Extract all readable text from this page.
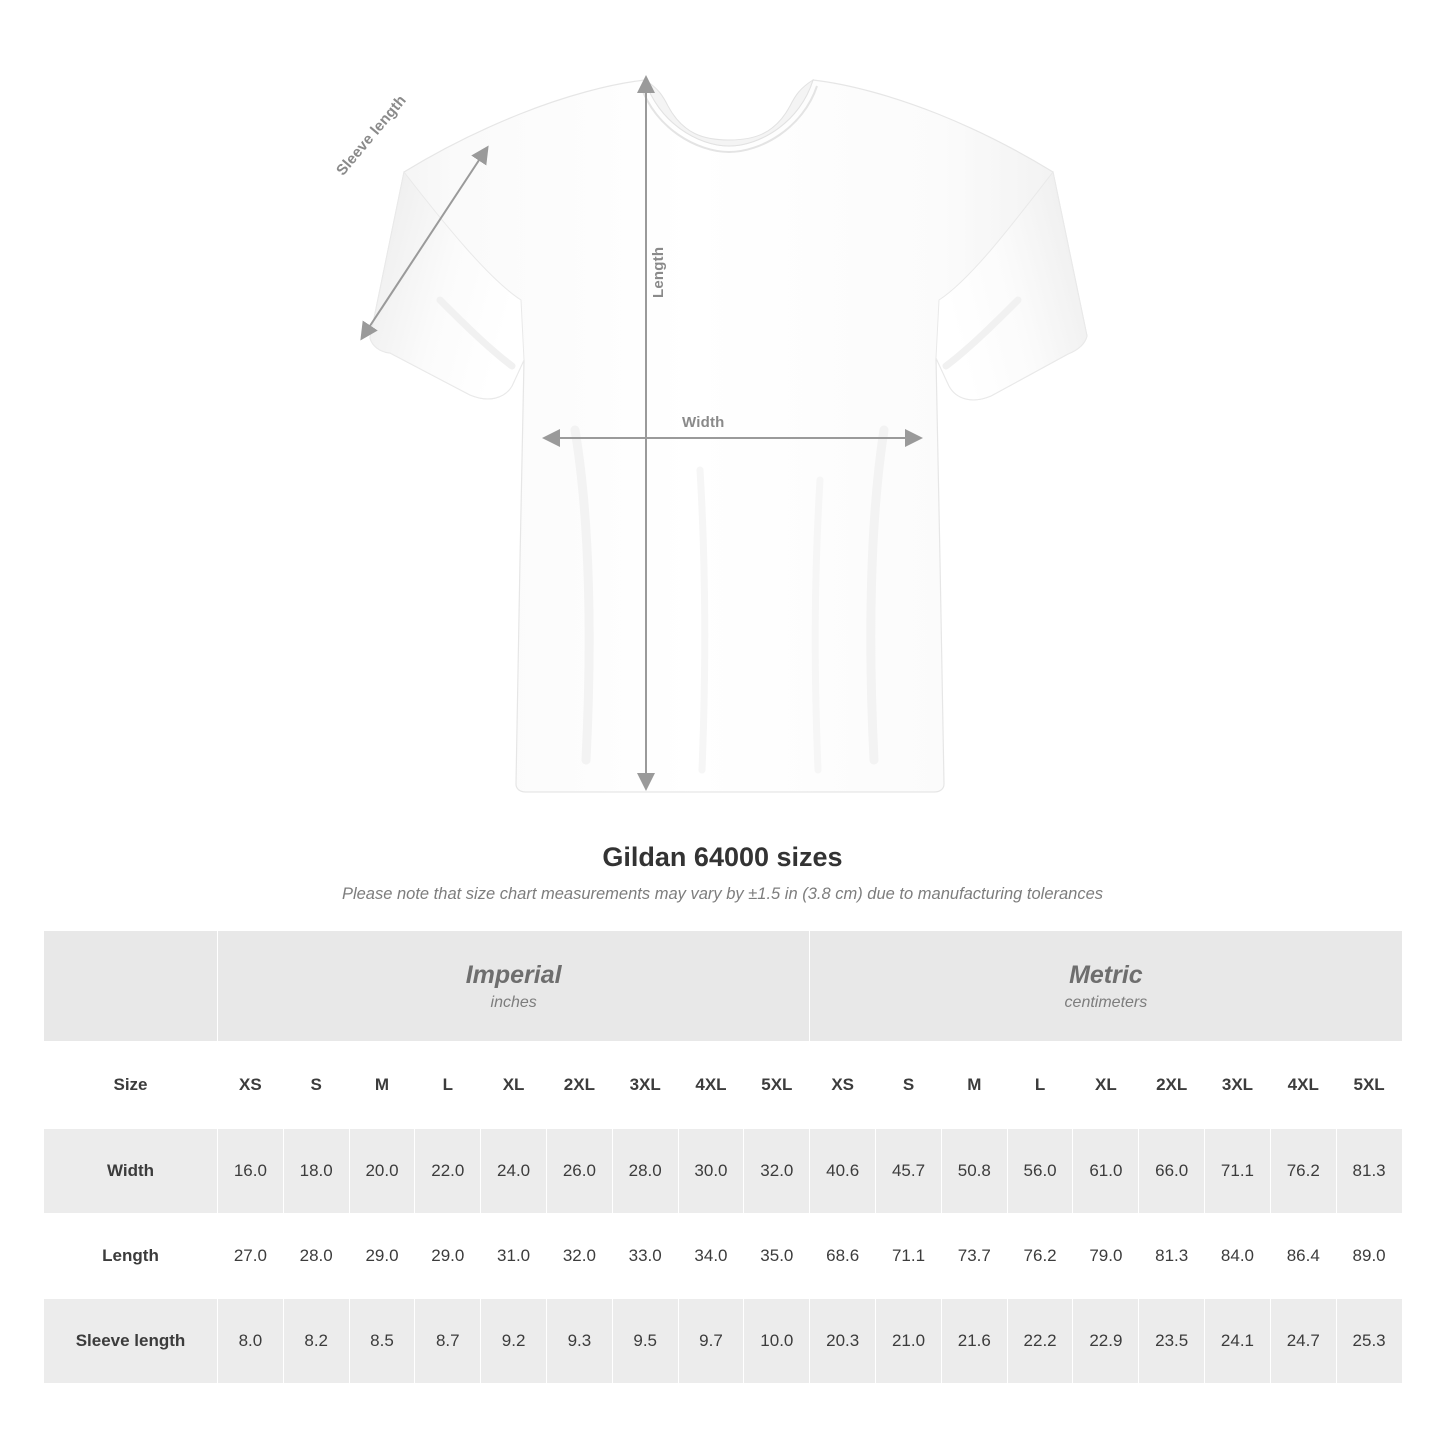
Sleeve length
Length
Width
Gildan 64000 sizes

Please note that size chart measurements may vary by ±1.5 in (3.8 cm) due to manufacturing tolerances

Imperial
inches

Metric
centimeters

Size	XS	S	M	L	XL	2XL	3XL	4XL	5XL	XS	S	M	L	XL	2XL	3XL	4XL	5XL
Width	16.0	18.0	20.0	22.0	24.0	26.0	28.0	30.0	32.0	40.6	45.7	50.8	56.0	61.0	66.0	71.1	76.2	81.3
Length	27.0	28.0	29.0	29.0	31.0	32.0	33.0	34.0	35.0	68.6	71.1	73.7	76.2	79.0	81.3	84.0	86.4	89.0
Sleeve length	8.0	8.2	8.5	8.7	9.2	9.3	9.5	9.7	10.0	20.3	21.0	21.6	22.2	22.9	23.5	24.1	24.7	25.3
